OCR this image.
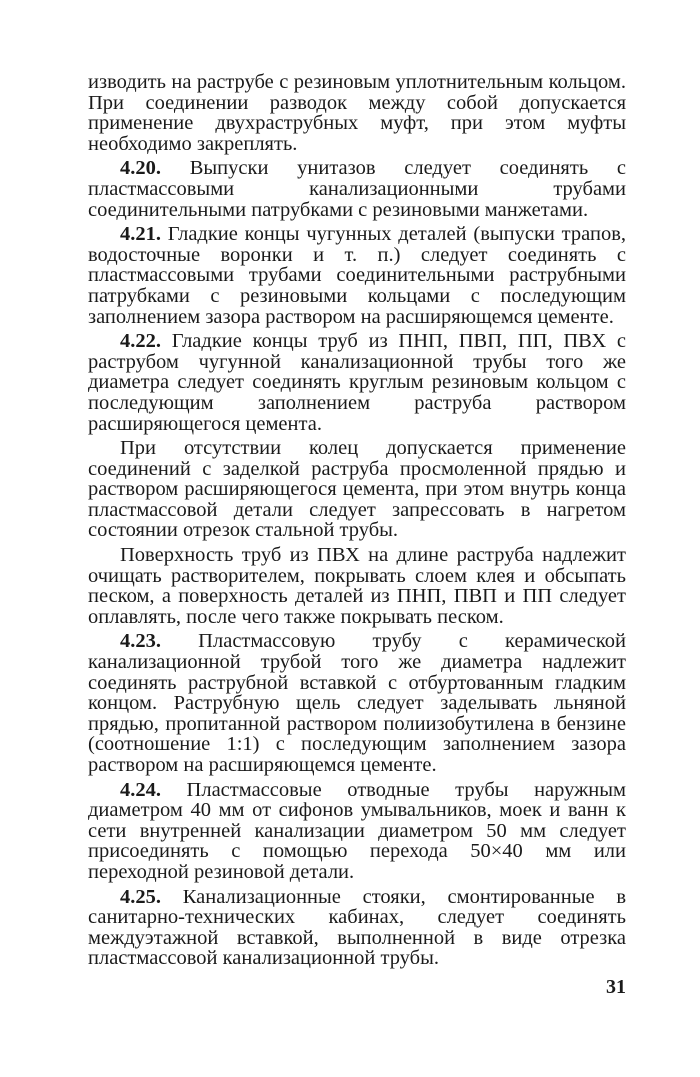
изводить на раструбе с резиновым уплотнительным кольцом. При соединении разводок между собой допускается применение двухраструбных муфт, при этом муфты необходимо закреплять.

4.20. Выпуски унитазов следует соединять с пластмассовыми канализационными трубами соединительными патрубками с резиновыми манжетами.

4.21. Гладкие концы чугунных деталей (выпуски трапов, водосточные воронки и т. п.) следует соединять с пластмассовыми трубами соединительными раструбными патрубками с резиновыми кольцами с последующим заполнением зазора раствором на расширяющемся цементе.

4.22. Гладкие концы труб из ПНП, ПВП, ПП, ПВХ с раструбом чугунной канализационной трубы того же диаметра следует соединять круглым резиновым кольцом с последующим заполнением раструба раствором расширяющегося цемента.

При отсутствии колец допускается применение соединений с заделкой раструба просмоленной прядью и раствором расширяющегося цемента, при этом внутрь конца пластмассовой детали следует запрессовать в нагретом состоянии отрезок стальной трубы.

Поверхность труб из ПВХ на длине раструба надлежит очищать растворителем, покрывать слоем клея и обсыпать песком, а поверхность деталей из ПНП, ПВП и ПП следует оплавлять, после чего также покрывать песком.

4.23. Пластмассовую трубу с керамической канализационной трубой того же диаметра надлежит соединять раструбной вставкой с отбуртованным гладким концом. Раструбную щель следует заделывать льняной прядью, пропитанной раствором полиизобутилена в бензине (соотношение 1:1) с последующим заполнением зазора раствором на расширяющемся цементе.

4.24. Пластмассовые отводные трубы наружным диаметром 40 мм от сифонов умывальников, моек и ванн к сети внутренней канализации диаметром 50 мм следует присоединять с помощью перехода 50×40 мм или переходной резиновой детали.

4.25. Канализационные стояки, смонтированные в санитарно-технических кабинах, следует соединять междуэтажной вставкой, выполненной в виде отрезка пластмассовой канализационной трубы.

31
